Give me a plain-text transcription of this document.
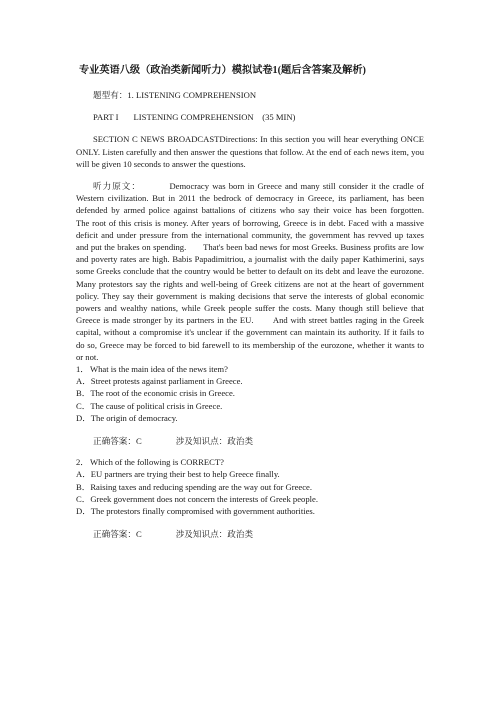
专业英语八级（政治类新闻听力）模拟试卷1(题后含答案及解析)

题型有：1. LISTENING COMPREHENSION

PART I       LISTENING COMPREHENSION    (35 MIN)

SECTION C NEWS BROADCASTDirections: In this section you will hear everything ONCE ONLY. Listen carefully and then answer the questions that follow. At the end of each news item, you will be given 10 seconds to answer the questions.

听力原文：         Democracy was born in Greece and many still consider it the cradle of Western civilization. But in 2011 the bedrock of democracy in Greece, its parliament, has been defended by armed police against battalions of citizens who say their voice has been forgotten.       The root of this crisis is money. After years of borrowing, Greece is in debt. Faced with a massive deficit and under pressure from the international community, the government has revved up taxes and put the brakes on spending.       That's been bad news for most Greeks. Business profits are low and poverty rates are high. Babis Papadimitriou, a journalist with the daily paper Kathimerini, says some Greeks conclude that the country would be better to default on its debt and leave the eurozone.       Many protestors say the rights and well-being of Greek citizens are not at the heart of government policy. They say their government is making decisions that serve the interests of global economic powers and wealthy nations, while Greek people suffer the costs. Many though still believe that Greece is made stronger by its partners in the EU.       And with street battles raging in the Greek capital, without a compromise it's unclear if the government can maintain its authority. If it fails to do so, Greece may be forced to bid farewell to its membership of the eurozone, whether it wants to or not.

1．What is the main idea of the news item?

A．Street protests against parliament in Greece.

B．The root of the economic crisis in Greece.

C．The cause of political crisis in Greece.

D．The origin of democracy.

正确答案：C	涉及知识点：政治类

2．Which of the following is CORRECT?

A．EU partners are trying their best to help Greece finally.

B．Raising taxes and reducing spending are the way out for Greece.

C．Greek government does not concern the interests of Greek people.

D．The protestors finally compromised with government authorities.

正确答案：C	涉及知识点：政治类
